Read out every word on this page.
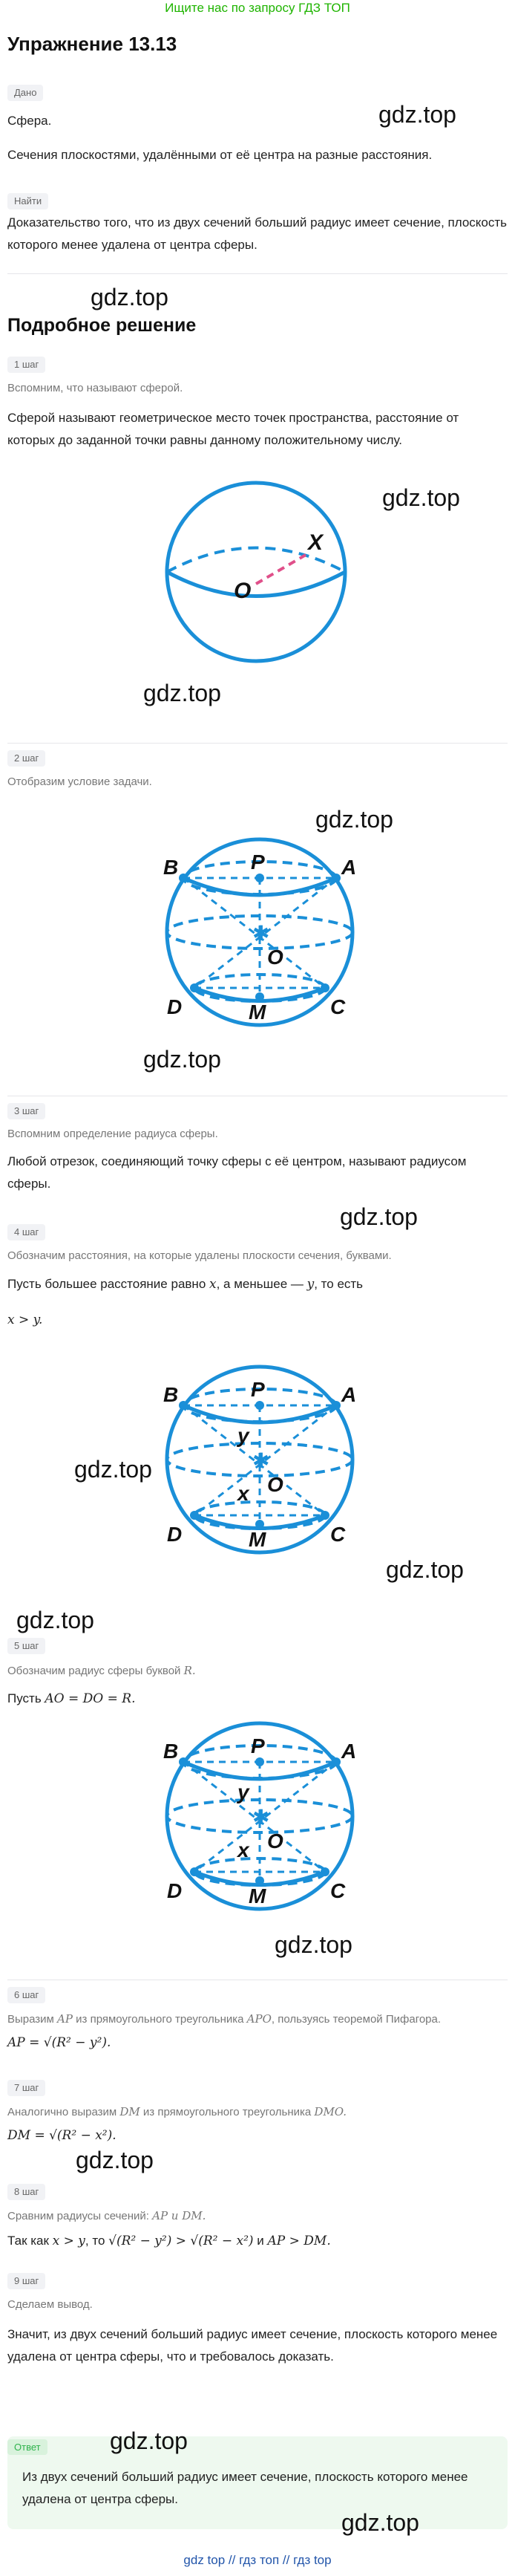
Ищите нас по запросу ГДЗ ТОП
Упражнение 13.13
Дано
Сфера.	gdz.top
Сечения плоскостями, удалёнными от её центра на разные расстояния.
Найти
Доказательство того, что из двух сечений больший радиус имеет сечение, плоскость которого менее удалена от центра сферы.
gdz.top
Подробное решение
1 шаг
Вспомним, что называют сферой.
Сферой называют геометрическое место точек пространства, расстояние от которых до заданной точки равны данному положительному числу.
gdz.top
X
O
gdz.top
2 шаг
Отобразим условие задачи.
gdz.top
✱
B	P	A
O
D	M	C
gdz.top
3 шаг
Вспомним определение радиуса сферы.
Любой отрезок, соединяющий точку сферы с её центром, называют радиусом сферы.
gdz.top
4 шаг
Обозначим расстояния, на которые удалены плоскости сечения, буквами.
Пусть большее расстояние равно x, а меньшее — y, то есть
x > y.
✱
B	P	A
y
O
x
D	M	C
gdz.top
gdz.top
gdz.top
5 шаг
Обозначим радиус сферы буквой R.
Пусть AO = DO = R.
✱
B	P	A
y
O
x
D	M	C
gdz.top
6 шаг
Выразим AP из прямоугольного треугольника APO, пользуясь теоремой Пифагора.
AP = √(R² − y²).
7 шаг
Аналогично выразим DM из прямоугольного треугольника DMO.
DM = √(R² − x²).
gdz.top
8 шаг
Сравним радиусы сечений: AP и DM.
Так как x > y, то √(R² − y²) > √(R² − x²) и AP > DM.
9 шаг
Сделаем вывод.
Значит, из двух сечений больший радиус имеет сечение, плоскость которого менее удалена от центра сферы, что и требовалось доказать.
Ответ	gdz.top
Из двух сечений больший радиус имеет сечение, плоскость которого менее удалена от центра сферы.
gdz.top
gdz top // гдз топ // гдз top
